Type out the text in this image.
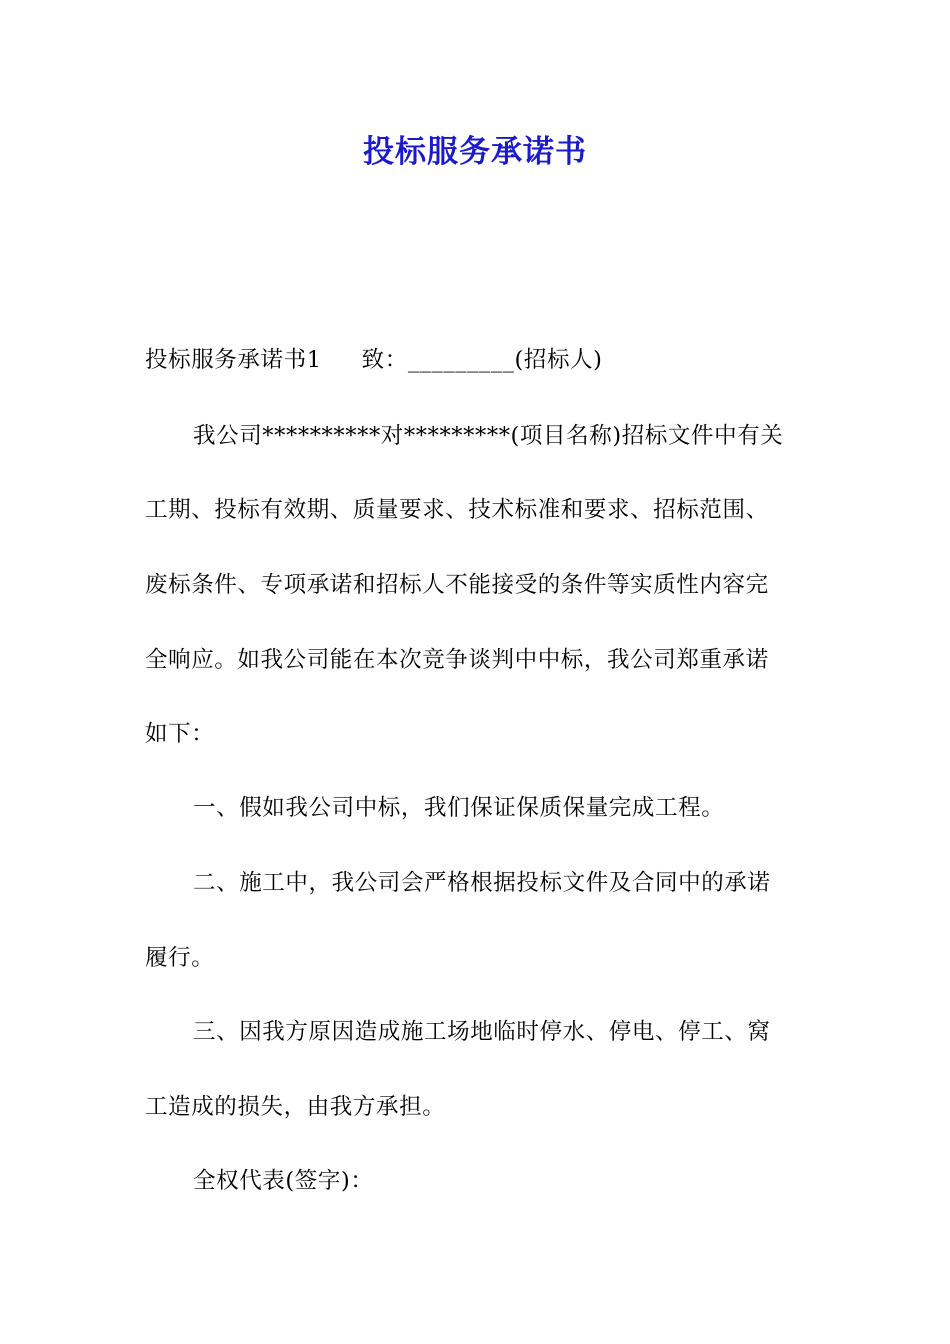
投标服务承诺书
投标服务承诺书1 致：_________(招标人)
我公司**********对*********(项目名称)招标文件中有关
工期、投标有效期、质量要求、技术标准和要求、招标范围、
废标条件、专项承诺和招标人不能接受的条件等实质性内容完
全响应。如我公司能在本次竞争谈判中中标，我公司郑重承诺
如下：
一、假如我公司中标，我们保证保质保量完成工程。
二、施工中，我公司会严格根据投标文件及合同中的承诺
履行。
三、因我方原因造成施工场地临时停水、停电、停工、窝
工造成的损失，由我方承担。
全权代表(签字)：
